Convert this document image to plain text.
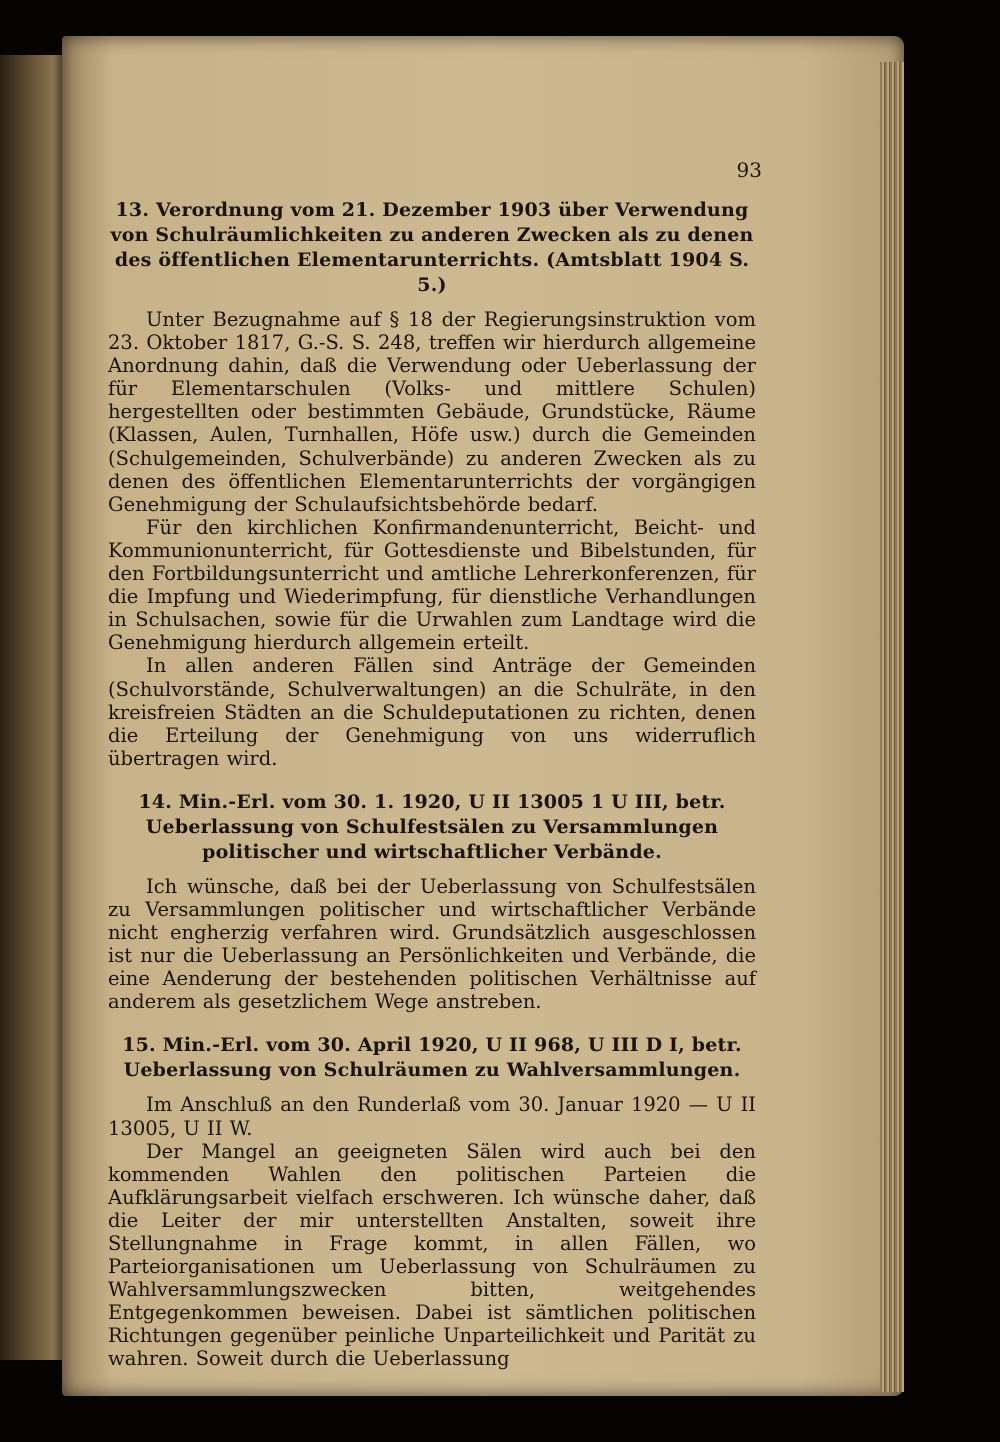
93

13. Verordnung vom 21. Dezember 1903 über Verwendung von Schulräumlichkeiten zu anderen Zwecken als zu denen des öffentlichen Elementarunterrichts. (Amtsblatt 1904 S. 5.)

Unter Bezugnahme auf § 18 der Regierungsinstruktion vom 23. Oktober 1817, G.-S. S. 248, treffen wir hierdurch allgemeine Anordnung dahin, daß die Verwendung oder Ueberlassung der für Elementarschulen (Volks- und mittlere Schulen) hergestellten oder bestimmten Gebäude, Grundstücke, Räume (Klassen, Aulen, Turnhallen, Höfe usw.) durch die Gemeinden (Schulgemeinden, Schulverbände) zu anderen Zwecken als zu denen des öffentlichen Elementarunterrichts der vorgängigen Genehmigung der Schulaufsichtsbehörde bedarf.

Für den kirchlichen Konfirmandenunterricht, Beicht- und Kommunionunterricht, für Gottesdienste und Bibelstunden, für den Fortbildungsunterricht und amtliche Lehrerkonferenzen, für die Impfung und Wiederimpfung, für dienstliche Verhandlungen in Schulsachen, sowie für die Urwahlen zum Landtage wird die Genehmigung hierdurch allgemein erteilt.

In allen anderen Fällen sind Anträge der Gemeinden (Schulvorstände, Schulverwaltungen) an die Schulräte, in den kreisfreien Städten an die Schuldeputationen zu richten, denen die Erteilung der Genehmigung von uns widerruflich übertragen wird.

14. Min.-Erl. vom 30. 1. 1920, U II 13005 1 U III, betr. Ueberlassung von Schulfestsälen zu Versammlungen politischer und wirtschaftlicher Verbände.

Ich wünsche, daß bei der Ueberlassung von Schulfestsälen zu Versammlungen politischer und wirtschaftlicher Verbände nicht engherzig verfahren wird. Grundsätzlich ausgeschlossen ist nur die Ueberlassung an Persönlichkeiten und Verbände, die eine Aenderung der bestehenden politischen Verhältnisse auf anderem als gesetzlichem Wege anstreben.

15. Min.-Erl. vom 30. April 1920, U II 968, U III D I, betr. Ueberlassung von Schulräumen zu Wahlversammlungen.

Im Anschluß an den Runderlaß vom 30. Januar 1920 — U II 13005, U II W.

Der Mangel an geeigneten Sälen wird auch bei den kommenden Wahlen den politischen Parteien die Aufklärungsarbeit vielfach erschweren. Ich wünsche daher, daß die Leiter der mir unterstellten Anstalten, soweit ihre Stellungnahme in Frage kommt, in allen Fällen, wo Parteiorganisationen um Ueberlassung von Schulräumen zu Wahlversammlungszwecken bitten, weitgehendes Entgegenkommen beweisen. Dabei ist sämtlichen politischen Richtungen gegenüber peinliche Unparteilichkeit und Parität zu wahren. Soweit durch die Ueberlassung
